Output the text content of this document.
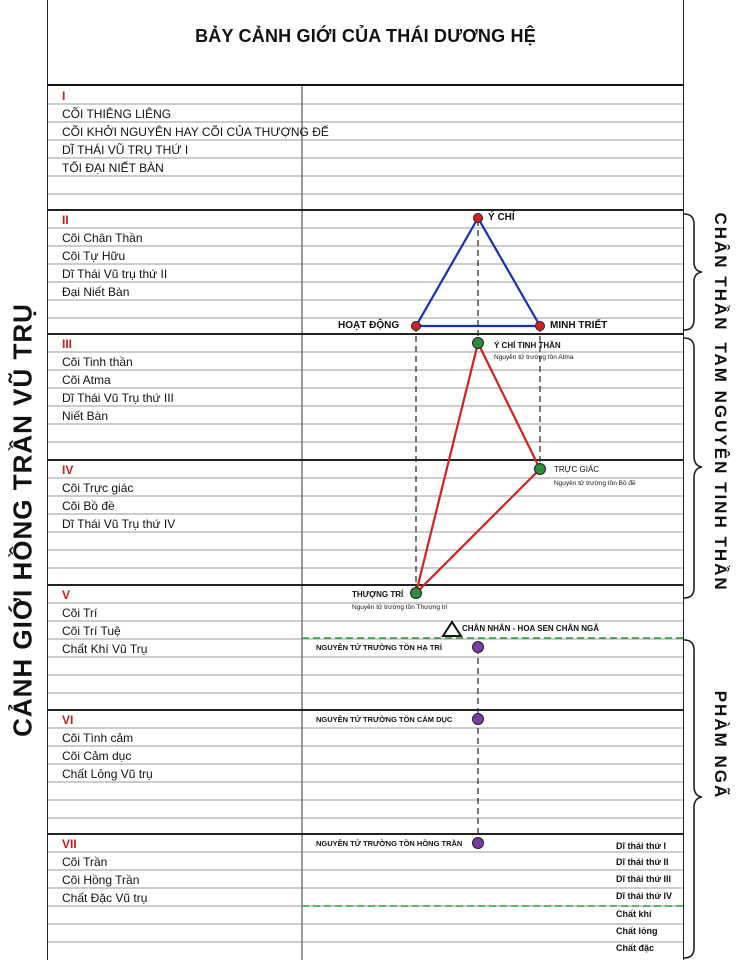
BẢY CẢNH GIỚI CỦA THÁI DƯƠNG HỆ
CẢNH GIỚI HỒNG TRẦN VŨ TRỤ
CHÂN THẦN
TAM NGUYÊN TINH THẦN
PHÀM NGÃ
I
CÕI THIÊNG LIÊNG
CÕI KHỞI NGUYÊN HAY CÕI CỦA THƯỢNG ĐẾ
DĨ THÁI VŨ TRỤ THỨ I
TỐI ĐẠI NIẾT BÀN
II
Cõi Chân Thần
Cõi Tự Hữu
Dĩ Thái Vũ trụ thứ II
Đại Niết Bàn
III
Cõi Tinh thần
Cõi Atma
Dĩ Thái Vũ Trụ thứ III
Niết Bàn
IV
Cõi Trực giác
Cõi Bồ đề
Dĩ Thái Vũ Trụ thứ IV
V
Cõi Trí
Cõi Trí Tuệ
Chất Khí Vũ Trụ
VI
Cõi Tình cảm
Cõi Cảm dục
Chất Lỏng Vũ trụ
VII
Cõi Trần
Cõi Hồng Trần
Chất Đặc Vũ trụ
Ý CHÍ
HOẠT ĐỘNG	MINH TRIẾT
Ý CHÍ TINH THẦN
Nguyên tử trường tồn Atma
TRỰC GIÁC
Nguyên tử trường tồn Bồ đề
THƯỢNG TRÍ
Nguyên tử trường tồn Thượng trí
CHÂN NHÂN - HOA SEN CHÂN NGÃ
NGUYÊN TỬ TRƯỜNG TỒN HẠ TRÍ
NGUYÊN TỬ TRƯỜNG TỒN CẢM DỤC
NGUYÊN TỬ TRƯỜNG TỒN HỒNG TRẦN	Dĩ thái thứ I
Dĩ thái thứ II
Dĩ thái thứ III
Dĩ thái thứ IV
Chất khí
Chất lỏng
Chất đặc
